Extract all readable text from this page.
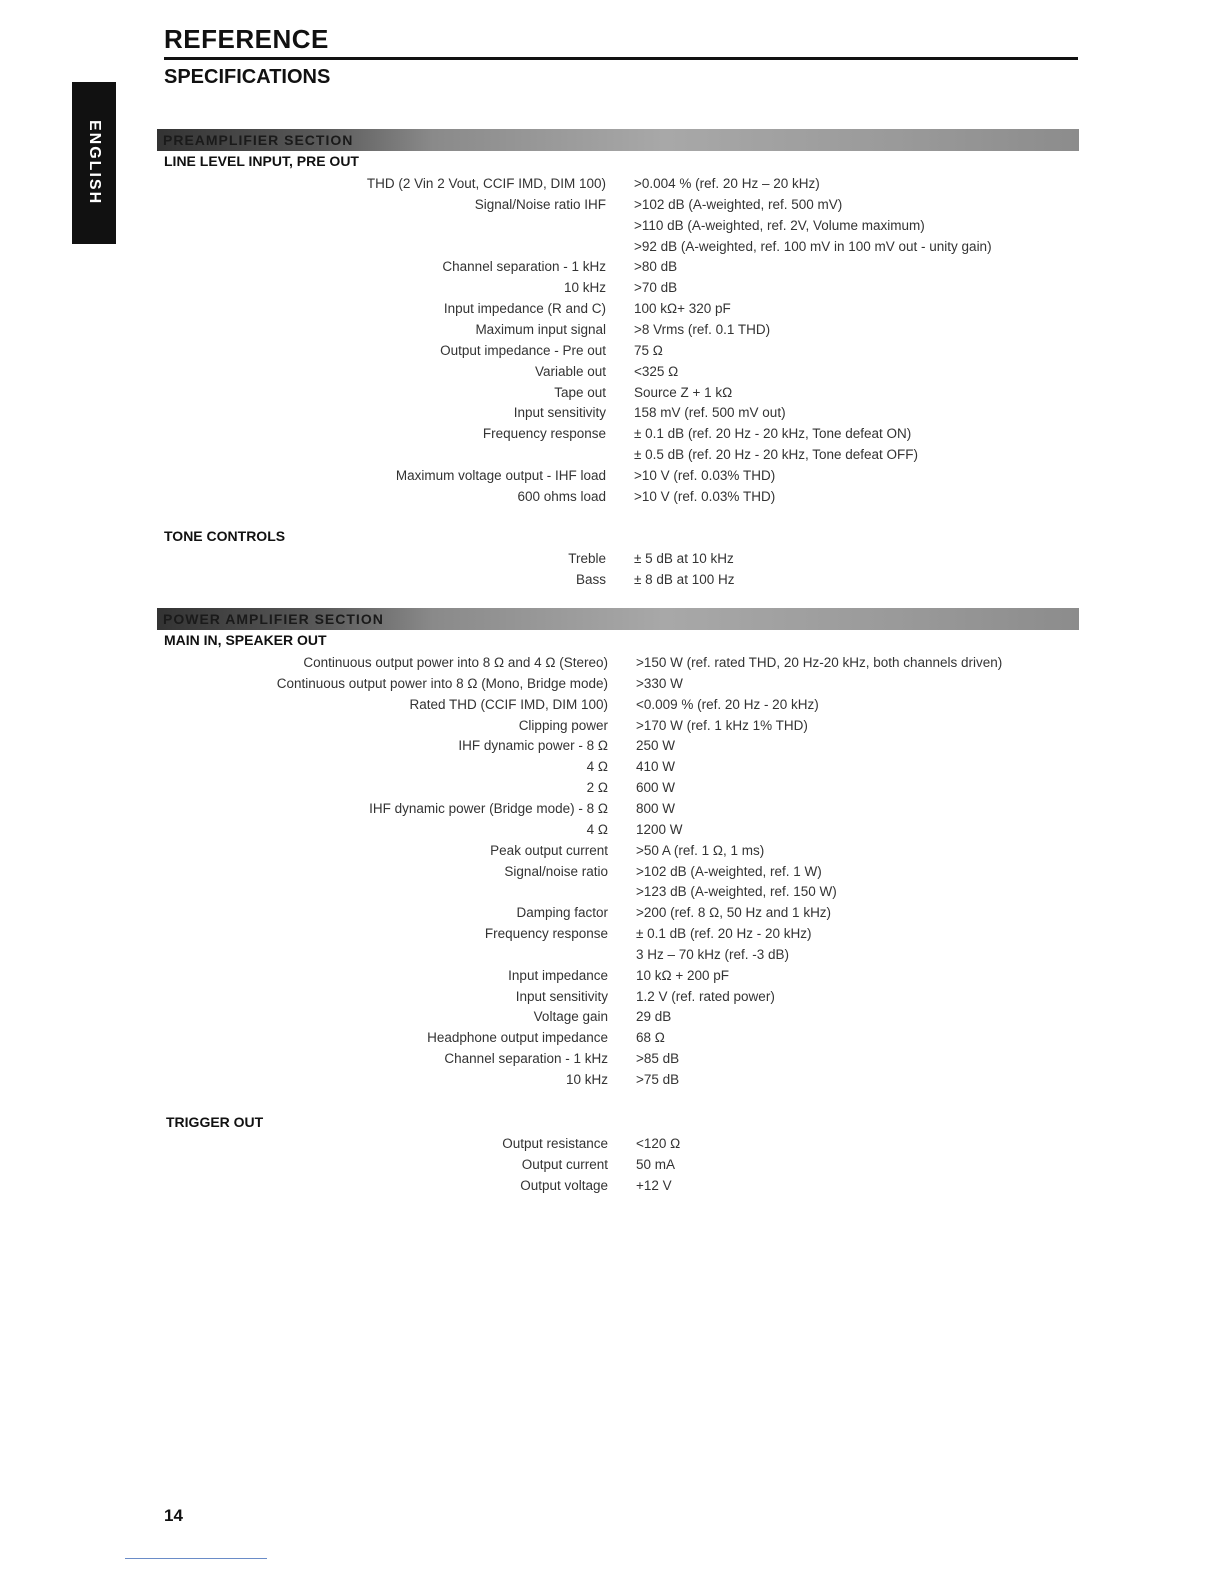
REFERENCE
SPECIFICATIONS
ENGLISH	PREAMPLIFIER SECTION
POWER AMPLIFIER SECTION
LINE LEVEL INPUT, PRE OUT
THD (2 Vin 2 Vout, CCIF IMD, DIM 100) >0.004 % (ref. 20 Hz – 20 kHz)
Signal/Noise ratio IHF >102 dB (A-weighted, ref. 500 mV)
>110 dB (A-weighted, ref. 2V, Volume maximum)
>92 dB (A-weighted, ref. 100 mV in 100 mV out - unity gain)
Channel separation - 1 kHz >80 dB
10 kHz >70 dB
Input impedance (R and C) 100 kΩ+ 320 pF
Maximum input signal >8 Vrms (ref. 0.1 THD)
Output impedance - Pre out 75 Ω
Variable out <325 Ω
Tape out Source Z + 1 kΩ
Input sensitivity 158 mV (ref. 500 mV out)
Frequency response ± 0.1 dB (ref. 20 Hz - 20 kHz, Tone defeat ON)
± 0.5 dB (ref. 20 Hz - 20 kHz, Tone defeat OFF)
Maximum voltage output - IHF load >10 V (ref. 0.03% THD)
600 ohms load >10 V (ref. 0.03% THD)
TONE CONTROLS
Treble ± 5 dB at 10 kHz
Bass ± 8 dB at 100 Hz
MAIN IN, SPEAKER OUT
Continuous output power into 8 Ω and 4 Ω (Stereo) >150 W (ref. rated THD, 20 Hz-20 kHz, both channels driven)
Continuous output power into 8 Ω (Mono, Bridge mode) >330 W
Rated THD (CCIF IMD, DIM 100) <0.009 % (ref. 20 Hz - 20 kHz)
Clipping power >170 W (ref. 1 kHz 1% THD)
IHF dynamic power - 8 Ω 250 W
4 Ω 410 W
2 Ω 600 W
IHF dynamic power (Bridge mode) - 8 Ω 800 W
4 Ω 1200 W
Peak output current >50 A (ref. 1 Ω, 1 ms)
Signal/noise ratio >102 dB (A-weighted, ref. 1 W)
>123 dB (A-weighted, ref. 150 W)
Damping factor >200 (ref. 8 Ω, 50 Hz and 1 kHz)
Frequency response ± 0.1 dB (ref. 20 Hz - 20 kHz)
3 Hz – 70 kHz (ref. -3 dB)
Input impedance 10 kΩ + 200 pF
Input sensitivity 1.2 V (ref. rated power)
Voltage gain 29 dB
Headphone output impedance 68 Ω
Channel separation - 1 kHz >85 dB
10 kHz >75 dB
TRIGGER OUT
Output resistance <120 Ω
Output current 50 mA
Output voltage +12 V
14
